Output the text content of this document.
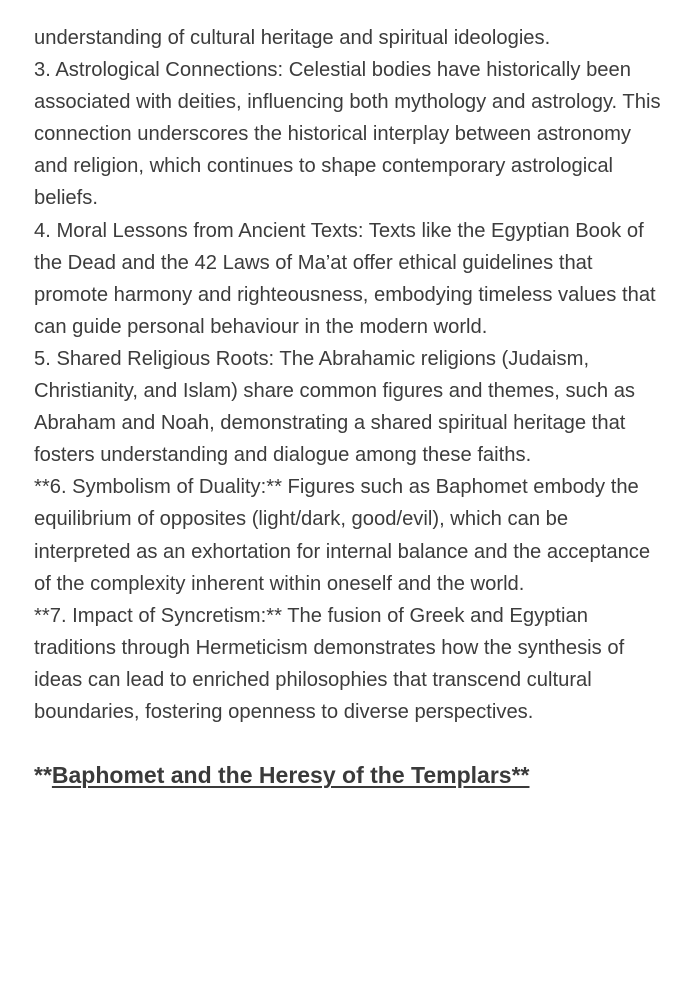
understanding of cultural heritage and spiritual ideologies.

3. Astrological Connections: Celestial bodies have historically been associated with deities, influencing both mythology and astrology. This connection underscores the historical interplay between astronomy and religion, which continues to shape contemporary astrological beliefs.

4. Moral Lessons from Ancient Texts: Texts like the Egyptian Book of the Dead and the 42 Laws of Ma’at offer ethical guidelines that promote harmony and righteousness, embodying timeless values that can guide personal behaviour in the modern world.

5. Shared Religious Roots: The Abrahamic religions (Judaism, Christianity, and Islam) share common figures and themes, such as Abraham and Noah, demonstrating a shared spiritual heritage that fosters understanding and dialogue among these faiths.

**6. Symbolism of Duality:** Figures such as Baphomet embody the equilibrium of opposites (light/dark, good/evil), which can be interpreted as an exhortation for internal balance and the acceptance of the complexity inherent within oneself and the world.

**7. Impact of Syncretism:** The fusion of Greek and Egyptian traditions through Hermeticism demonstrates how the synthesis of ideas can lead to enriched philosophies that transcend cultural boundaries, fostering openness to diverse perspectives.

**Baphomet and the Heresy of the Templars**
